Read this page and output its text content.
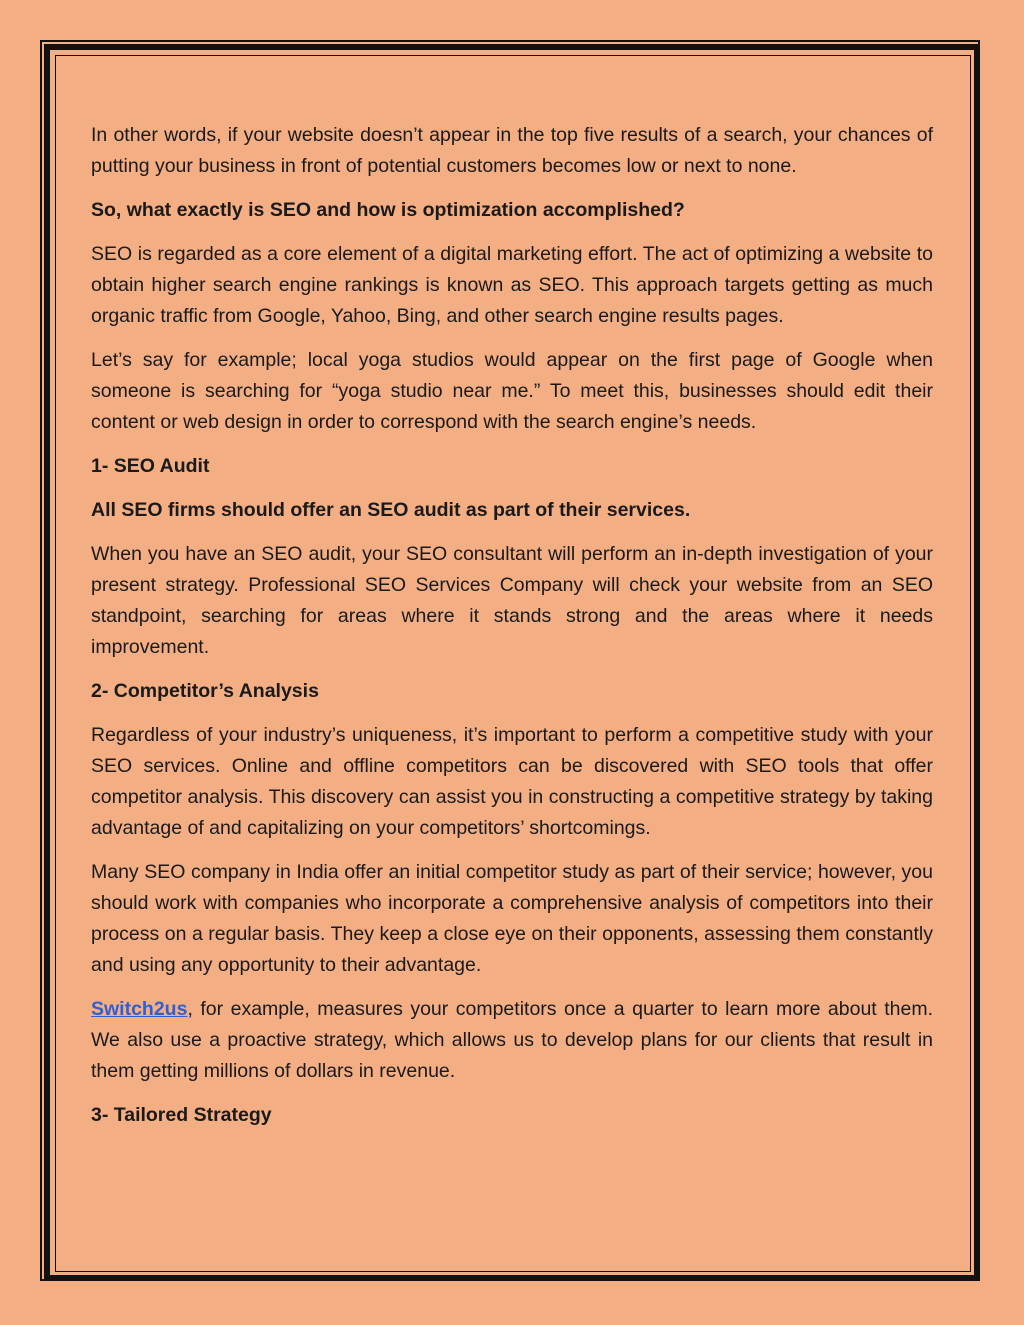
In other words, if your website doesn’t appear in the top five results of a search, your chances of putting your business in front of potential customers becomes low or next to none.

So, what exactly is SEO and how is optimization accomplished?

SEO is regarded as a core element of a digital marketing effort. The act of optimizing a website to obtain higher search engine rankings is known as SEO. This approach targets getting as much organic traffic from Google, Yahoo, Bing, and other search engine results pages.

Let’s say for example; local yoga studios would appear on the first page of Google when someone is searching for “yoga studio near me.” To meet this, businesses should edit their content or web design in order to correspond with the search engine’s needs.

1- SEO Audit

All SEO firms should offer an SEO audit as part of their services.

When you have an SEO audit, your SEO consultant will perform an in-depth investigation of your present strategy. Professional SEO Services Company will check your website from an SEO standpoint, searching for areas where it stands strong and the areas where it needs improvement.

2- Competitor’s Analysis

Regardless of your industry’s uniqueness, it’s important to perform a competitive study with your SEO services. Online and offline competitors can be discovered with SEO tools that offer competitor analysis. This discovery can assist you in constructing a competitive strategy by taking advantage of and capitalizing on your competitors’ shortcomings.

Many SEO company in India offer an initial competitor study as part of their service; however, you should work with companies who incorporate a comprehensive analysis of competitors into their process on a regular basis. They keep a close eye on their opponents, assessing them constantly and using any opportunity to their advantage.

Switch2us, for example, measures your competitors once a quarter to learn more about them. We also use a proactive strategy, which allows us to develop plans for our clients that result in them getting millions of dollars in revenue.

3- Tailored Strategy
